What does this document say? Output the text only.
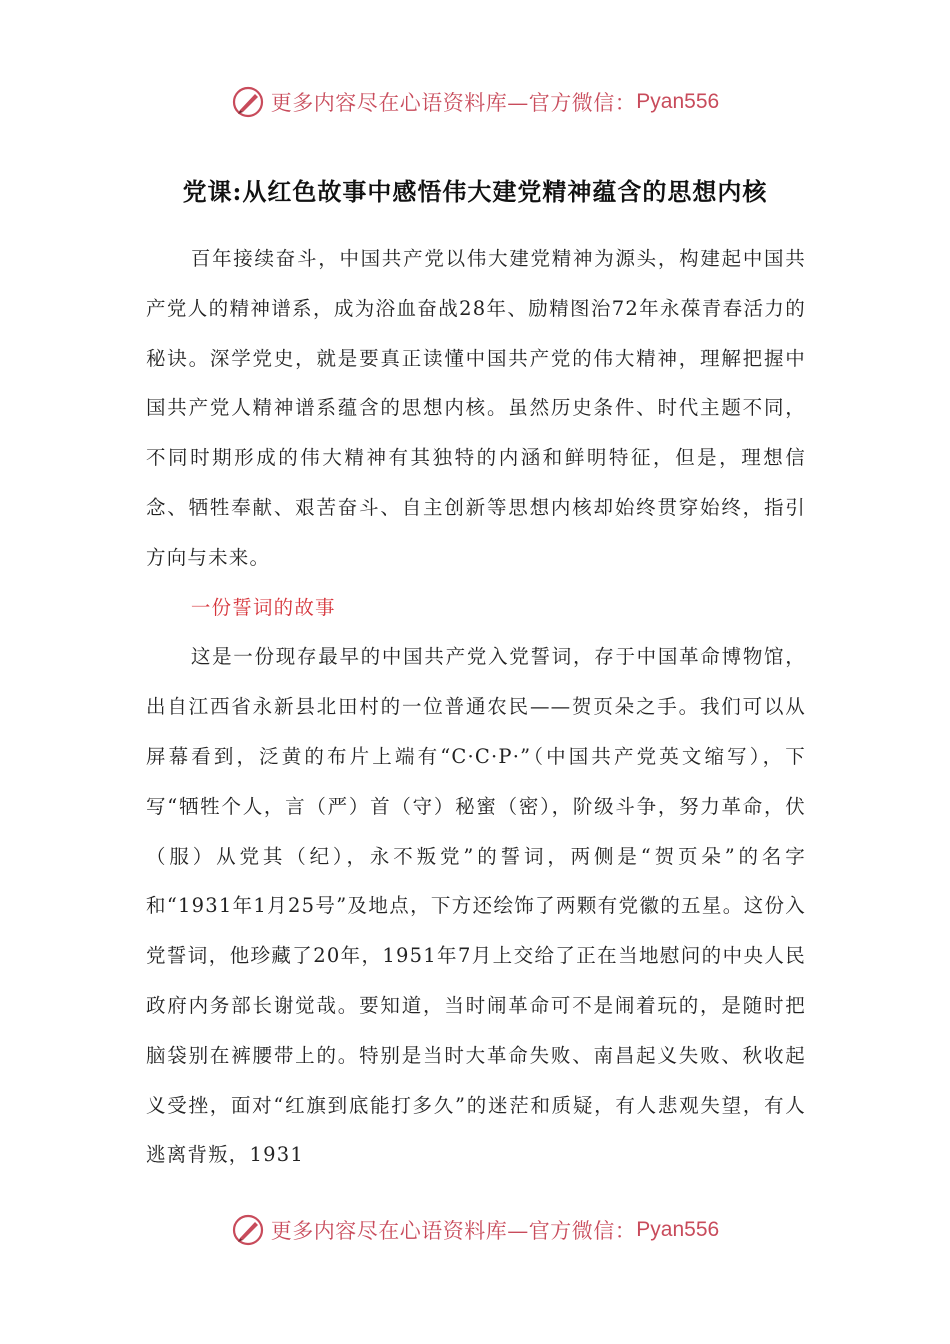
更多内容尽在心语资料库—官方微信： Pyan556
党课:从红色故事中感悟伟大建党精神蕴含的思想内核

百年接续奋斗，中国共产党以伟大建党精神为源头，构建起中国共产党人的精神谱系，成为浴血奋战28年、励精图治72年永葆青春活力的秘诀。深学党史，就是要真正读懂中国共产党的伟大精神，理解把握中国共产党人精神谱系蕴含的思想内核。虽然历史条件、时代主题不同，不同时期形成的伟大精神有其独特的内涵和鲜明特征，但是，理想信念、牺牲奉献、艰苦奋斗、自主创新等思想内核却始终贯穿始终，指引方向与未来。

一份誓词的故事

这是一份现存最早的中国共产党入党誓词，存于中国革命博物馆，出自江西省永新县北田村的一位普通农民——贺页朵之手。我们可以从屏幕看到，泛黄的布片上端有“C·C·P·”（中国共产党英文缩写），下写“牺牲个人，言（严）首（守）秘蜜（密），阶级斗争，努力革命，伏（服）从党其（纪），永不叛党”的誓词，两侧是“贺页朵”的名字和“1931年1月25号”及地点，下方还绘饰了两颗有党徽的五星。这份入党誓词，他珍藏了20年，1951年7月上交给了正在当地慰问的中央人民政府内务部长谢觉哉。要知道，当时闹革命可不是闹着玩的，是随时把脑袋别在裤腰带上的。特别是当时大革命失败、南昌起义失败、秋收起义受挫，面对“红旗到底能打多久”的迷茫和质疑，有人悲观失望，有人逃离背叛，1931

更多内容尽在心语资料库—官方微信： Pyan556
